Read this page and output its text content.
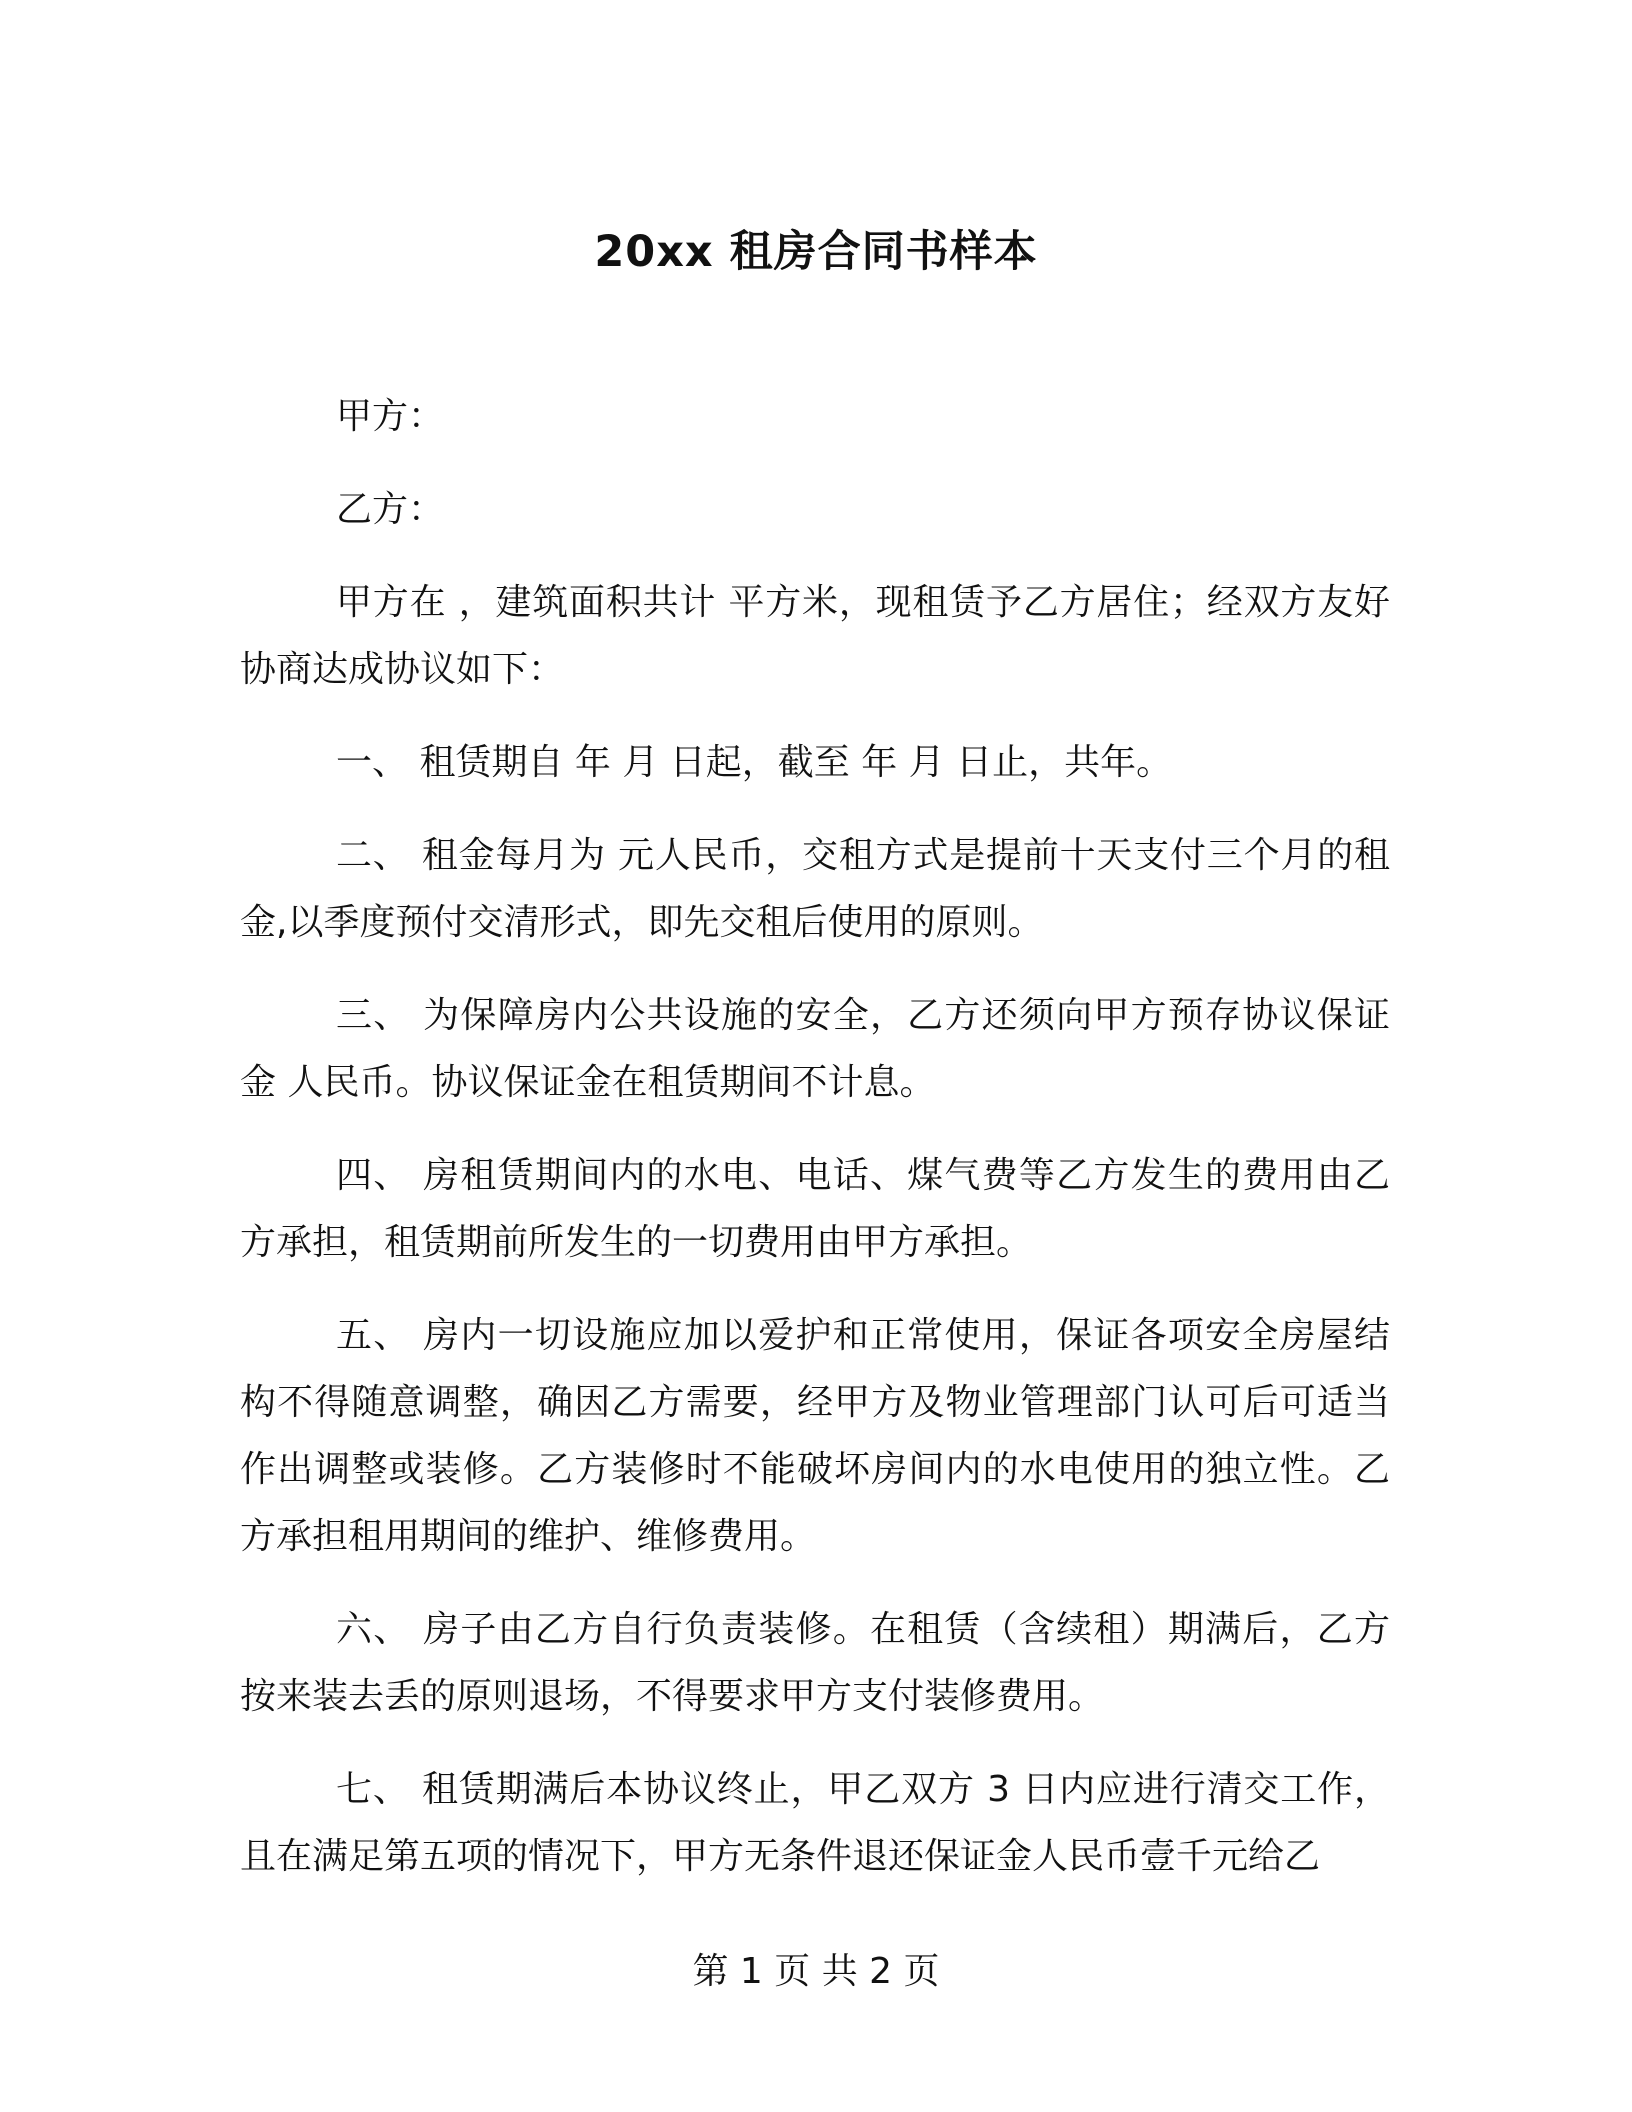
20xx 租房合同书样本

甲方：

乙方：

甲方在 ，建筑面积共计 平方米，现租赁予乙方居住；经双方友好协商达成协议如下：

一、 租赁期自 年 月 日起，截至 年 月 日止，共年。

二、 租金每月为 元人民币，交租方式是提前十天支付三个月的租金,以季度预付交清形式，即先交租后使用的原则。

三、 为保障房内公共设施的安全，乙方还须向甲方预存协议保证金 人民币。协议保证金在租赁期间不计息。

四、 房租赁期间内的水电、电话、煤气费等乙方发生的费用由乙方承担，租赁期前所发生的一切费用由甲方承担。

五、 房内一切设施应加以爱护和正常使用，保证各项安全房屋结构不得随意调整，确因乙方需要，经甲方及物业管理部门认可后可适当作出调整或装修。乙方装修时不能破坏房间内的水电使用的独立性。乙方承担租用期间的维护、维修费用。

六、 房子由乙方自行负责装修。在租赁（含续租）期满后，乙方按来装去丢的原则退场，不得要求甲方支付装修费用。

七、 租赁期满后本协议终止，甲乙双方 3 日内应进行清交工作，且在满足第五项的情况下，甲方无条件退还保证金人民币壹千元给乙

第 1 页 共 2 页
